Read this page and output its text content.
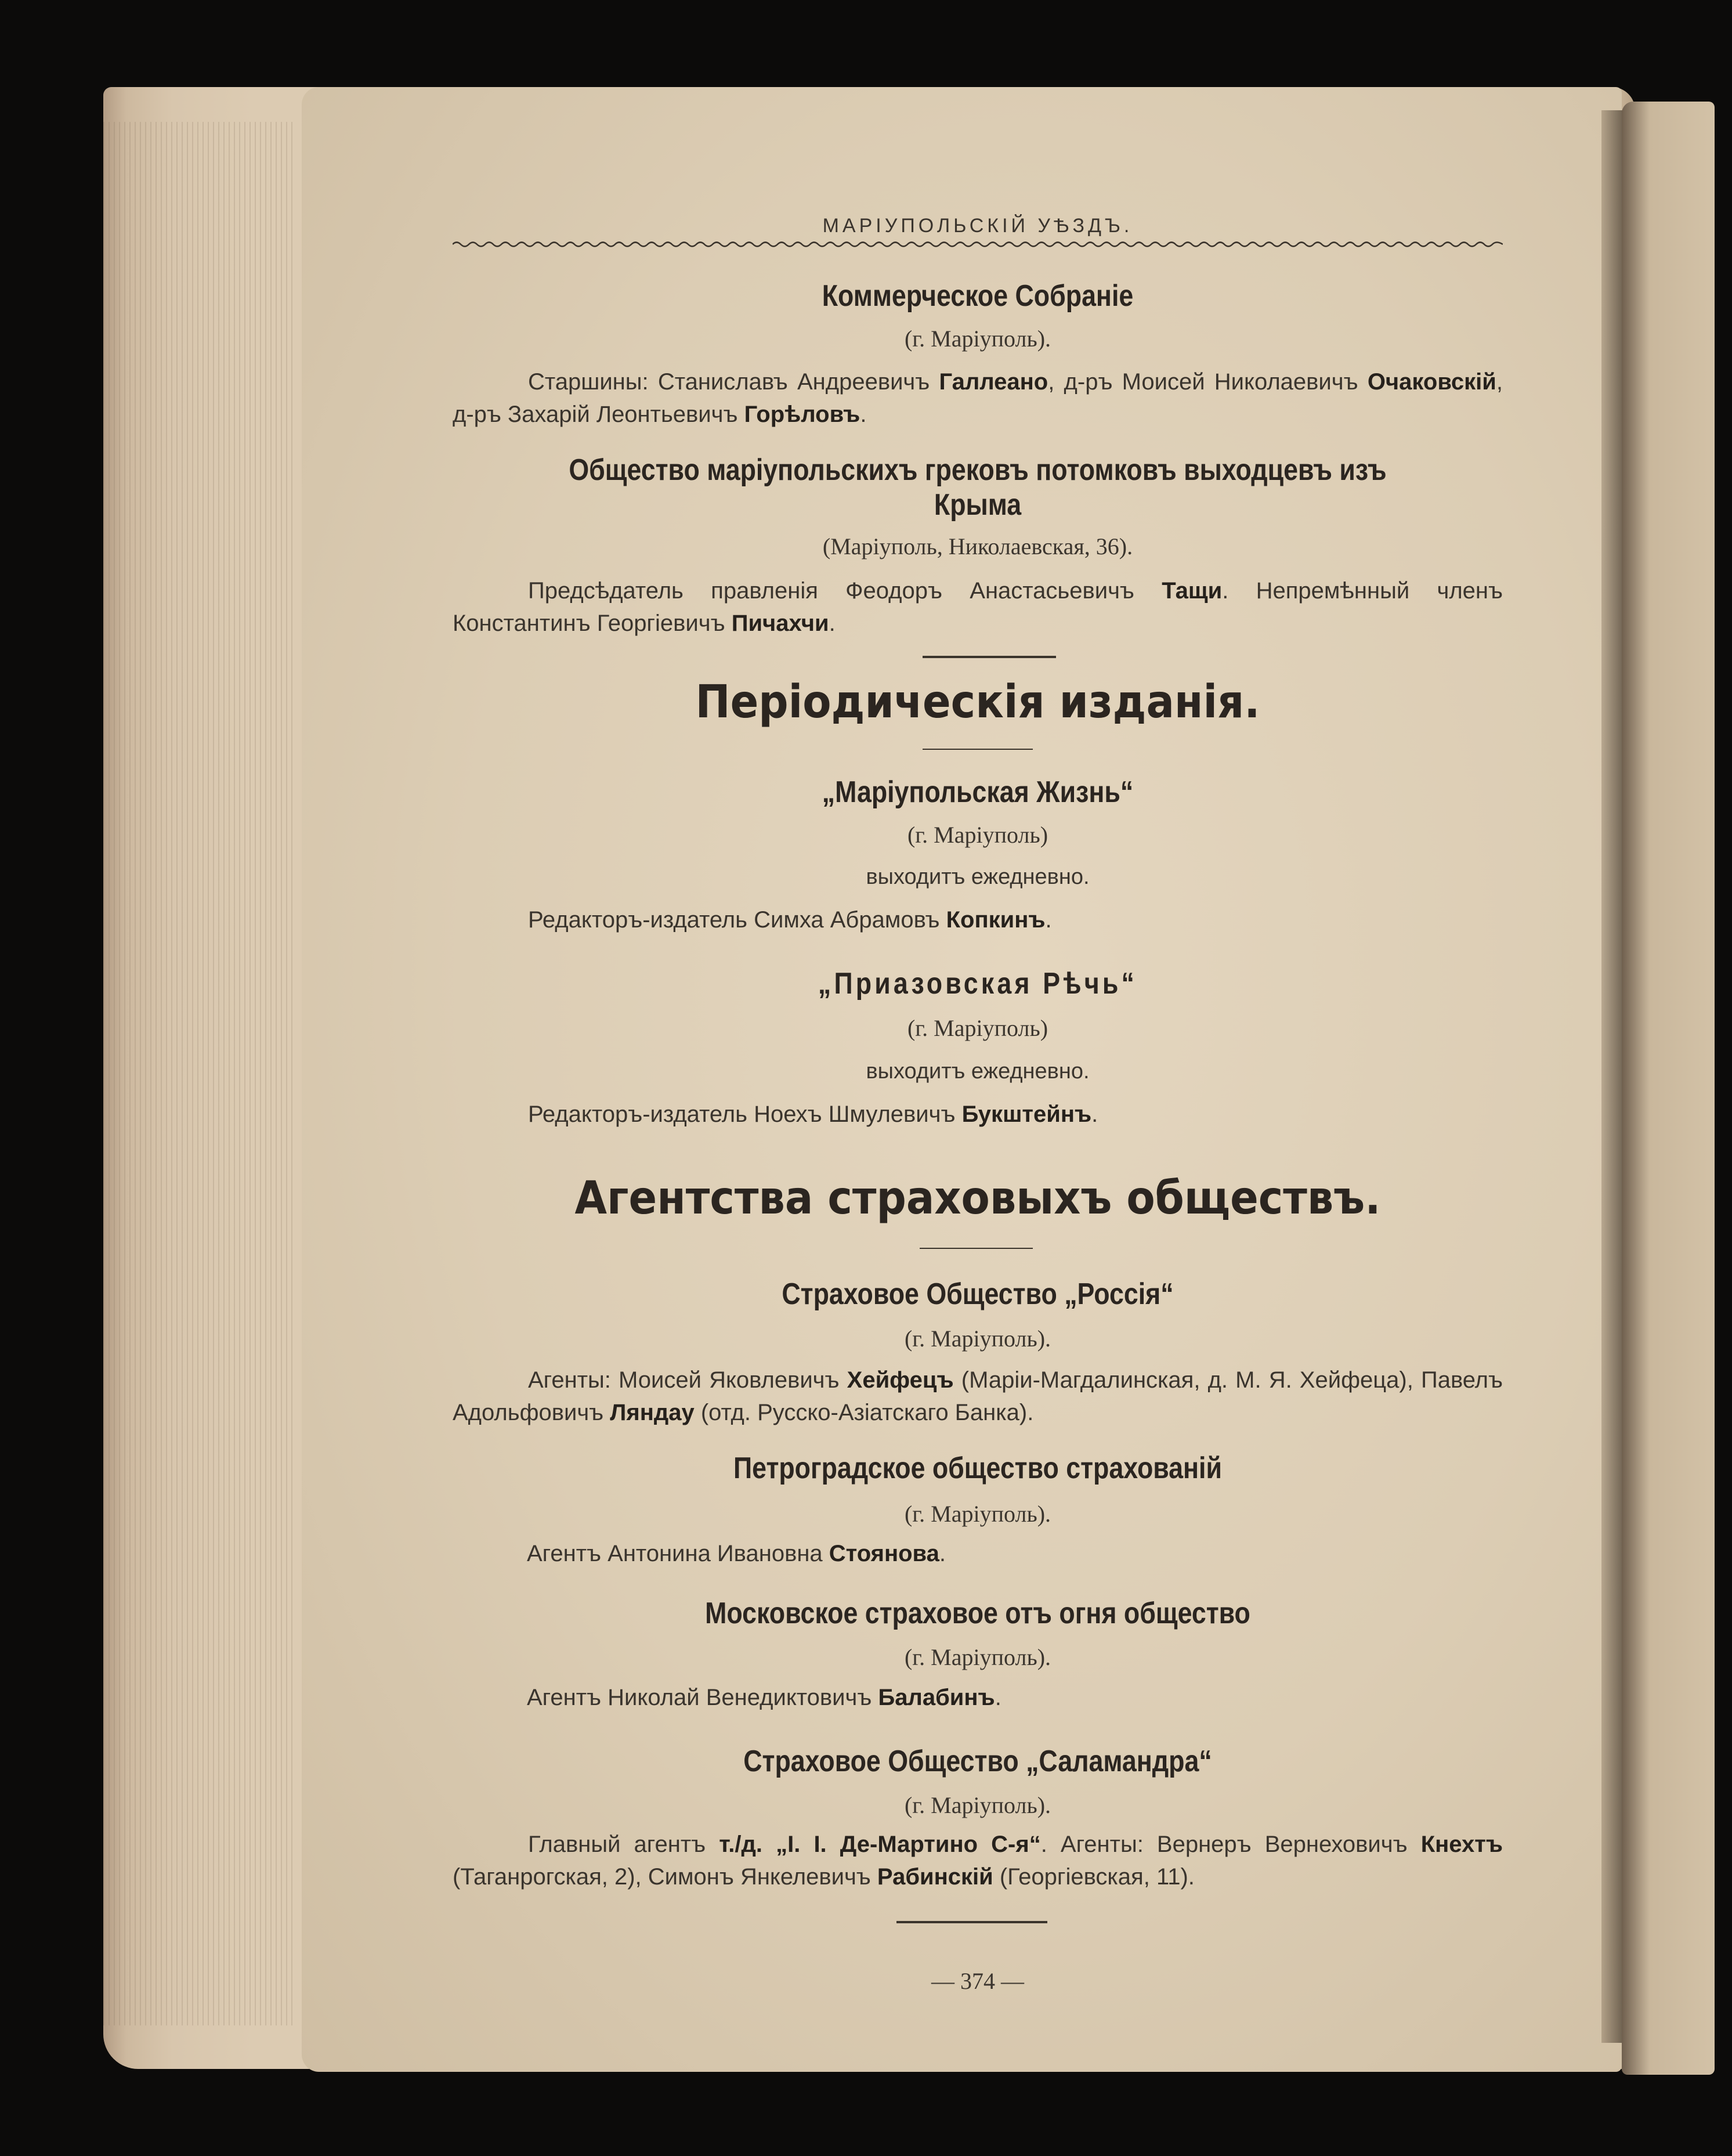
МАРІУПОЛЬСКІЙ УѢЗДЪ.
Коммерческое Собраніе
(г. Маріуполь).
Старшины: Станиславъ Андреевичъ Галлеано, д-ръ Моисей Николаевичъ Очаковскій, д-ръ Захарій Леонтьевичъ Горѣловъ.
Общество маріупольскихъ грековъ потомковъ выходцевъ изъ
Крыма
(Маріуполь, Николаевская, 36).
Предсѣдатель правленія Феодоръ Анастасьевичъ Тащи. Непремѣнный членъ Константинъ Георгіевичъ Пичахчи.
Періодическія изданія.
„Маріупольская Жизнь“
(г. Маріуполь)
выходитъ ежедневно.
Редакторъ-издатель Симха Абрамовъ Копкинъ.
„Приазовская Рѣчь“
(г. Маріуполь)
выходитъ ежедневно.
Редакторъ-издатель Ноехъ Шмулевичъ Букштейнъ.
Агентства страховыхъ обществъ.
Страховое Общество „Россія“
(г. Маріуполь).
Агенты: Моисей Яковлевичъ Хейфецъ (Маріи-Магдалинская, д. М. Я. Хейфеца), Павелъ Адольфовичъ Ляндау (отд. Русско-Азіатскаго Банка).
Петроградское общество страхованій
(г. Маріуполь).
Агентъ Антонина Ивановна Стоянова.
Московское страховое отъ огня общество
(г. Маріуполь).
Агентъ Николай Венедиктовичъ Балабинъ.
Страховое Общество „Саламандра“
(г. Маріуполь).
Главный агентъ т./д. „I. I. Де-Мартино С-я“. Агенты: Вернеръ Вернеховичъ Кнехтъ (Таганрогская, 2), Симонъ Янкелевичъ Рабинскій (Георгіевская, 11).
— 374 —
